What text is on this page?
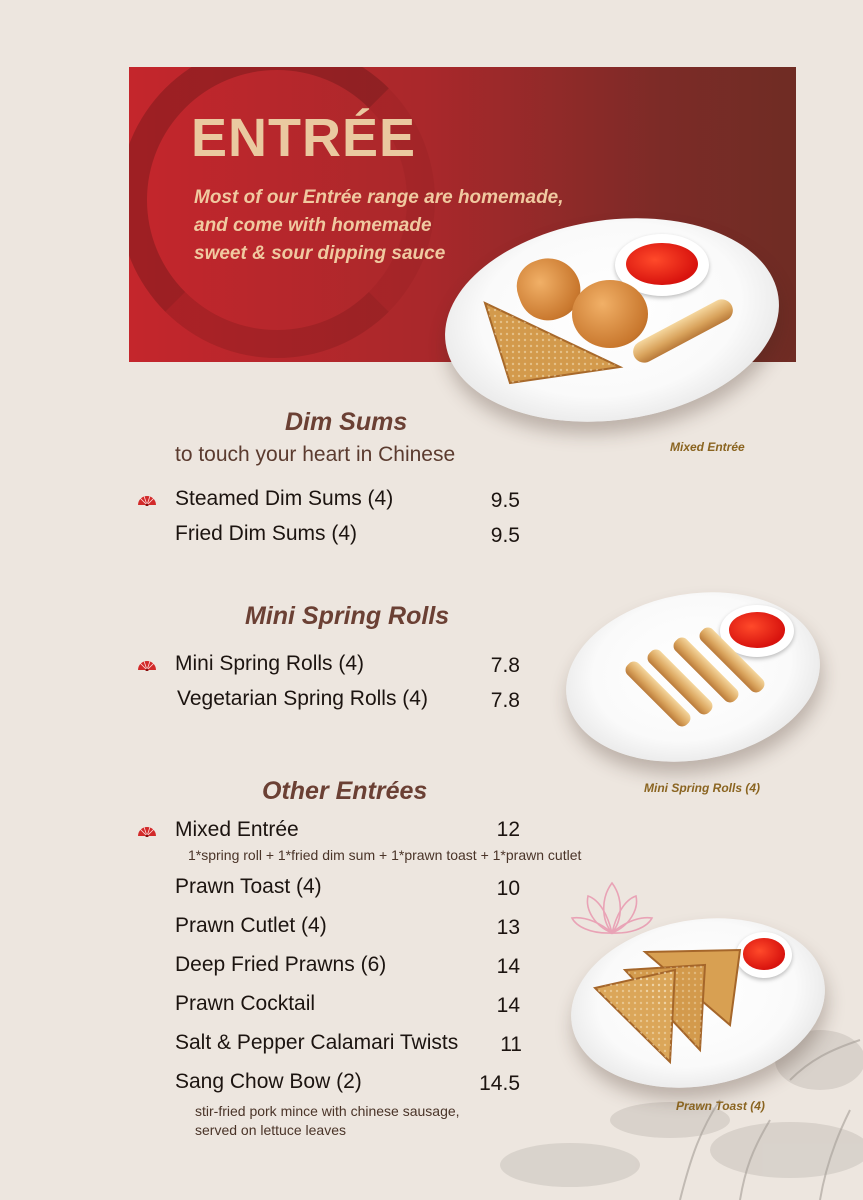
ENTRÉE
Most of our Entrée range are homemade,
and come with homemade
sweet & sour dipping sauce
Mixed Entrée
Dim Sums
to touch your heart in Chinese
Steamed Dim Sums (4)	9.5
Fried Dim Sums (4)	9.5
Mini Spring Rolls
Mini Spring Rolls (4)	7.8
Vegetarian Spring Rolls (4)	7.8
Mini Spring Rolls (4)
Other Entrées
Mixed Entrée	12
1*spring roll + 1*fried dim sum + 1*prawn toast + 1*prawn cutlet
Prawn Toast (4)	10
Prawn Cutlet (4)	13
Deep Fried Prawns (6)	14
Prawn Cocktail	14
Salt & Pepper Calamari Twists	11
Sang Chow Bow (2)	14.5
stir-fried pork mince with chinese sausage,
served on lettuce leaves
Prawn Toast (4)
